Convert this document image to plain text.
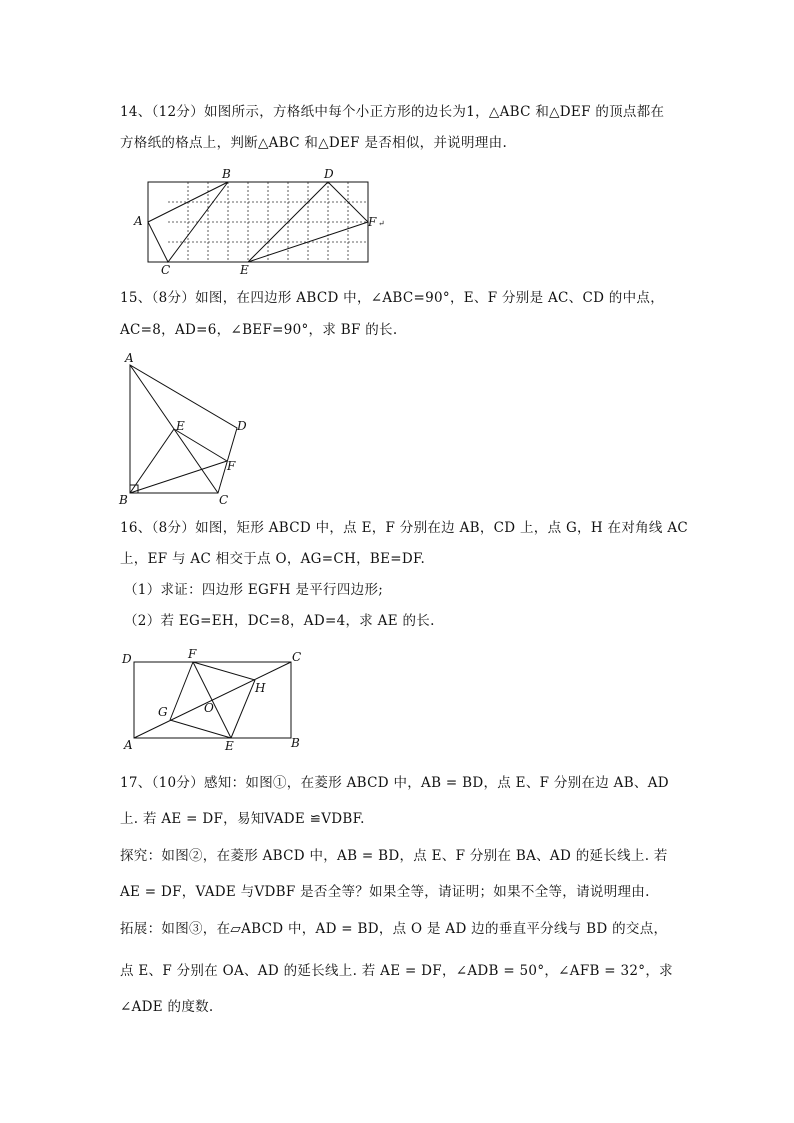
14、（12分）如图所示，方格纸中每个小正方形的边长为1，△ABC 和△DEF 的顶点都在

方格纸的格点上，判断△ABC 和△DEF 是否相似，并说明理由.

A
B
C
D
E
F ↵

15、（8分）如图，在四边形 ABCD 中，∠ABC=90°，E、F 分别是 AC、CD 的中点，

AC=8，AD=6，∠BEF=90°，求 BF 的长.

A
B	C
D
E
F

16、（8分）如图，矩形 ABCD 中，点 E，F 分别在边 AB，CD 上，点 G，H 在对角线 AC

上，EF 与 AC 相交于点 O，AG=CH，BE=DF.

（1）求证：四边形 EGFH 是平行四边形;

（2）若 EG=EH，DC=8，AD=4，求 AE 的长.

D	F	C
H
G	O
A	E	B

17、（10分）感知：如图①，在菱形 ABCD 中，AB = BD，点 E、F 分别在边 AB、AD

上. 若 AE = DF，易知VADE ≌VDBF.

探究：如图②，在菱形 ABCD 中，AB = BD，点 E、F 分别在 BA、AD 的延长线上. 若

AE = DF，VADE 与VDBF 是否全等？如果全等，请证明；如果不全等，请说明理由.

拓展：如图③，在▱ABCD 中，AD = BD，点 O 是 AD 边的垂直平分线与 BD 的交点，

点 E、F 分别在 OA、AD 的延长线上. 若 AE = DF，∠ADB = 50°，∠AFB = 32°，求

∠ADE 的度数.
